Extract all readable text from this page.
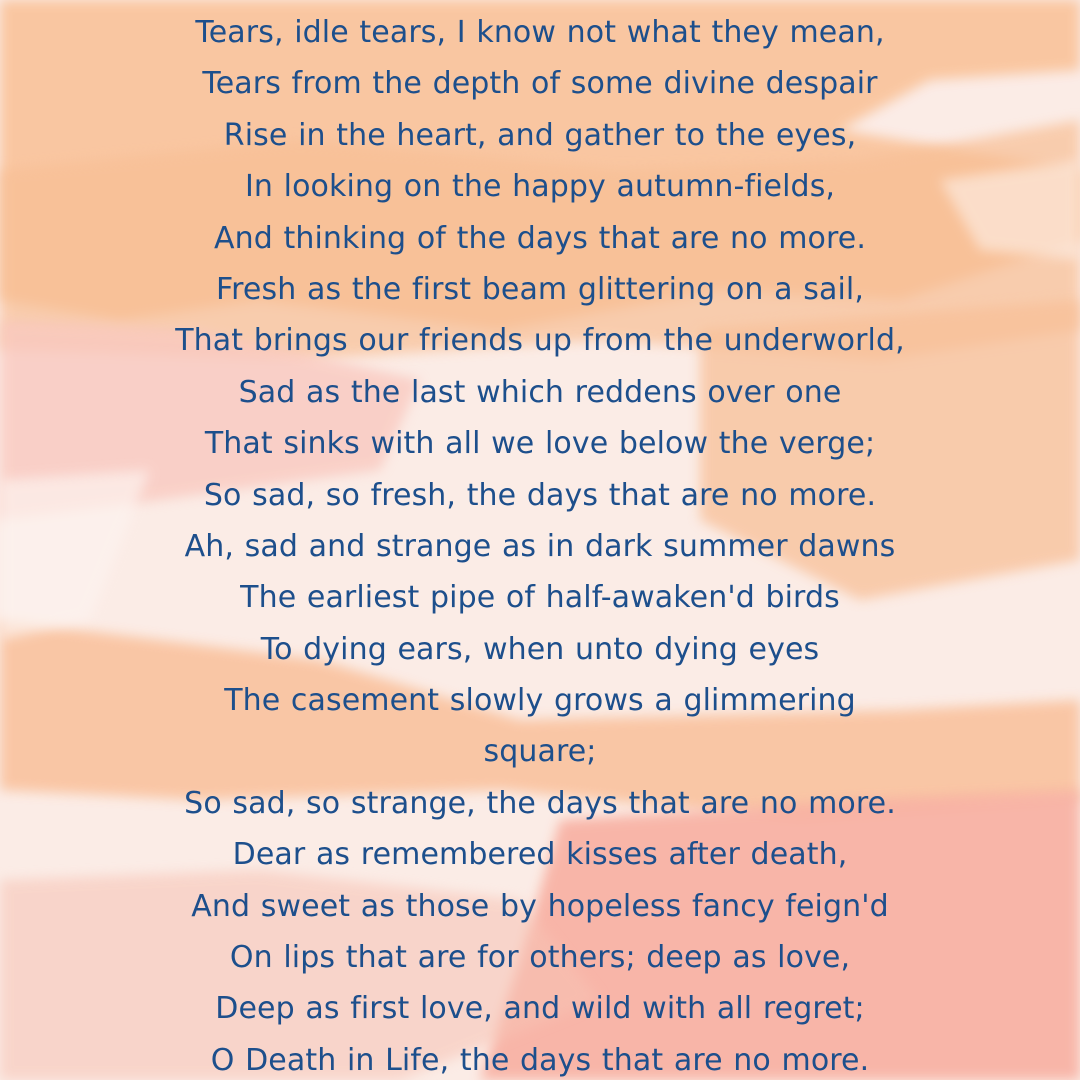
Tears, idle tears, I know not what they mean,
Tears from the depth of some divine despair
Rise in the heart, and gather to the eyes,
In looking on the happy autumn-fields,
And thinking of the days that are no more.
Fresh as the first beam glittering on a sail,
That brings our friends up from the underworld,
Sad as the last which reddens over one
That sinks with all we love below the verge;
So sad, so fresh, the days that are no more.
Ah, sad and strange as in dark summer dawns
The earliest pipe of half-awaken'd birds
To dying ears, when unto dying eyes
The casement slowly grows a glimmering
square;
So sad, so strange, the days that are no more.
Dear as remembered kisses after death,
And sweet as those by hopeless fancy feign'd
On lips that are for others; deep as love,
Deep as first love, and wild with all regret;
O Death in Life, the days that are no more.
